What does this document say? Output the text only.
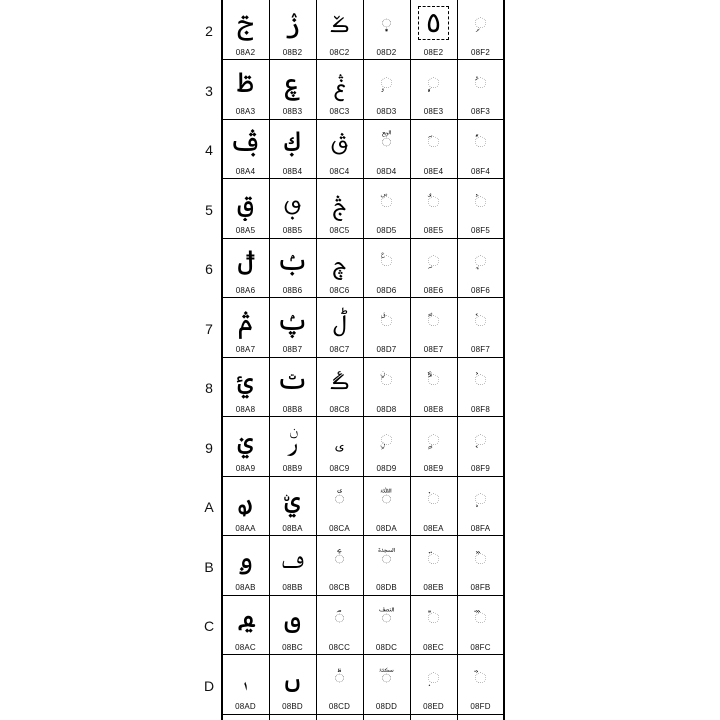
2 ࢢ
08A2
ࢲ
08B2
ࣂ
08C2
◌࣒
08D2
٥
08E2
◌ࣲ
08F2
3 ࢣ
08A3
ࢳ
08B3
ࣃ
08C3
◌࣓
08D3
◌ࣣ
08E3
◌ࣳ
08F3
4 ࢤ
08A4
ࢴ
08B4
ࣄ
08C4
◌ࣔ
08D4
◌ࣤ
08E4
◌ࣴ
08F4
5 ࢥ
08A5
ࢵ
08B5
ࣅ
08C5
◌ࣕ
08D5
◌ࣥ
08E5
◌ࣵ
08F5
6 ࢦ
08A6
ࢶ
08B6
ࣆ
08C6
◌ࣖ
08D6
◌ࣦ
08E6
◌ࣶ
08F6
7 ࢧ
08A7
ࢷ
08B7
ࣇ
08C7
◌ࣗ
08D7
◌ࣧ
08E7
◌ࣷ
08F7
8 ࢨ
08A8
ࢸ
08B8
ࣈ
08C8
◌ࣘ
08D8
◌ࣨ
08E8
◌ࣸ
08F8
9 ࢩ
08A9
ࢹ
08B9
ࣉ
08C9
◌ࣙ
08D9
◌ࣩ
08E9
◌ࣹ
08F9
A ࢪ
08AA
ࢺ
08BA
◌࣊
08CA
◌ࣚ
08DA
◌࣪
08EA
◌ࣺ
08FA
B ࢫ
08AB
ࢻ
08BB
◌࣋
08CB
◌ࣛ
08DB
◌࣫
08EB
◌ࣻ
08FB
C ࢬ
08AC
ࢼ
08BC
◌࣌
08CC
◌ࣜ
08DC
◌࣬
08EC
◌ࣼ
08FC
D	ࢭ
08AD
ࢽ
08BD
◌࣍
08CD
◌ࣝ
08DD
◌࣭
08ED
◌ࣽ
08FD
